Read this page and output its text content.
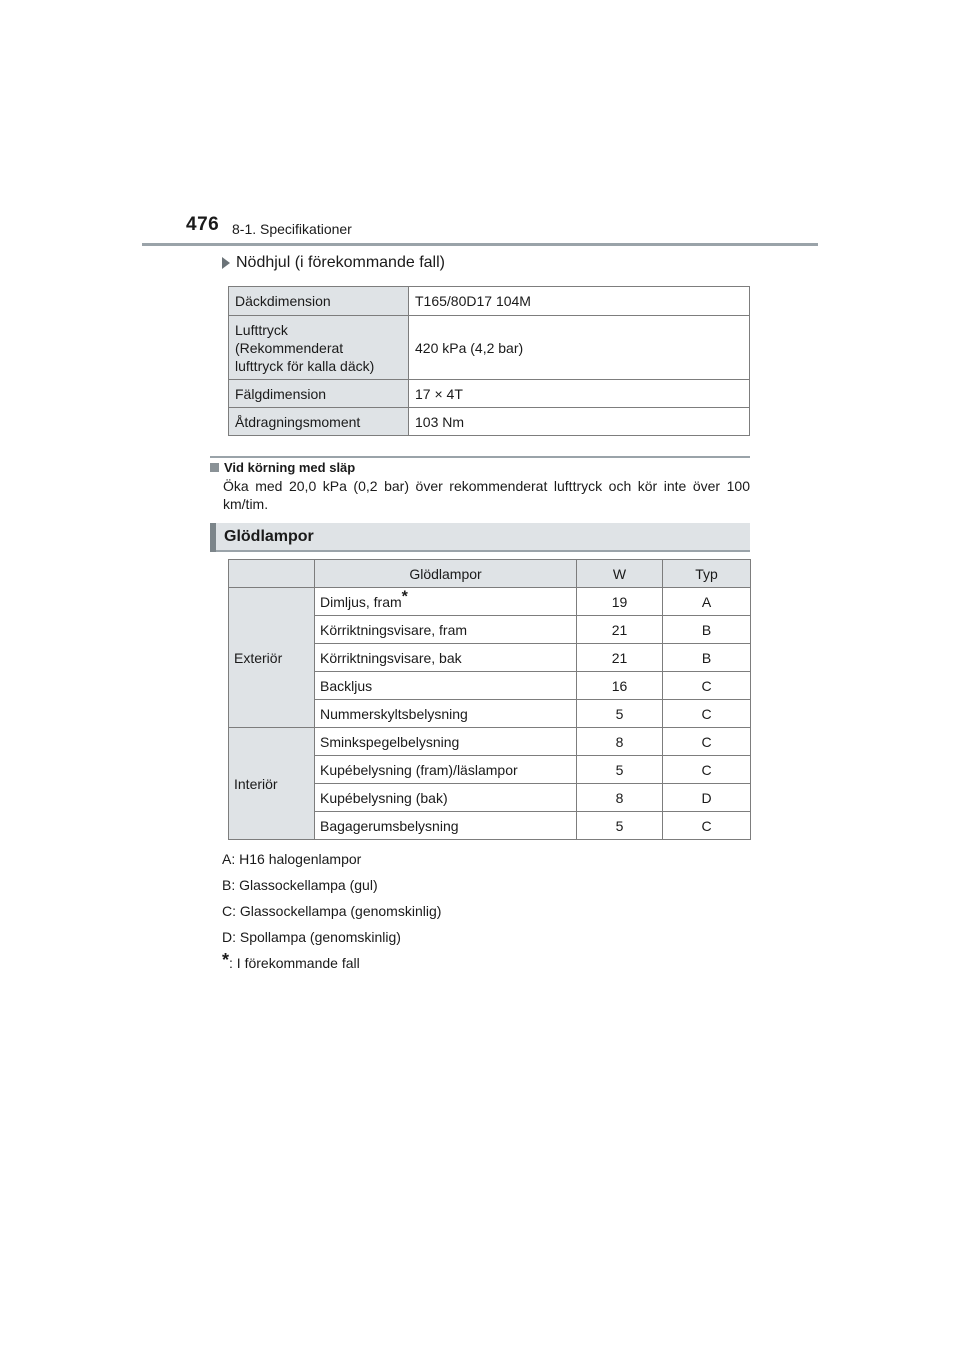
476 8-1. Specifikationer
Nödhjul (i förekommande fall)
Däckdimension	T165/80D17 104M
Lufttryck
(Rekommenderat
lufttryck för kalla däck)	420 kPa (4,2 bar)
Fälgdimension	17 × 4T
Åtdragningsmoment	103 Nm
Vid körning med släp
Öka med 20,0 kPa (0,2 bar) över rekommenderat lufttryck och kör inte över 100 km/tim.
Glödlampor
	Glödlampor	W	Typ
Exteriör	Dimljus, fram*	19	A
	Körriktningsvisare, fram	21	B
	Körriktningsvisare, bak	21	B
	Backljus	16	C
	Nummerskyltsbelysning	5	C
Interiör	Sminkspegelbelysning	8	C
	Kupébelysning (fram)/läslampor	5	C
	Kupébelysning (bak)	8	D
	Bagagerumsbelysning	5	C
A: H16 halogenlampor
B: Glassockellampa (gul)
C: Glassockellampa (genomskinlig)
D: Spollampa (genomskinlig)
*: I förekommande fall
